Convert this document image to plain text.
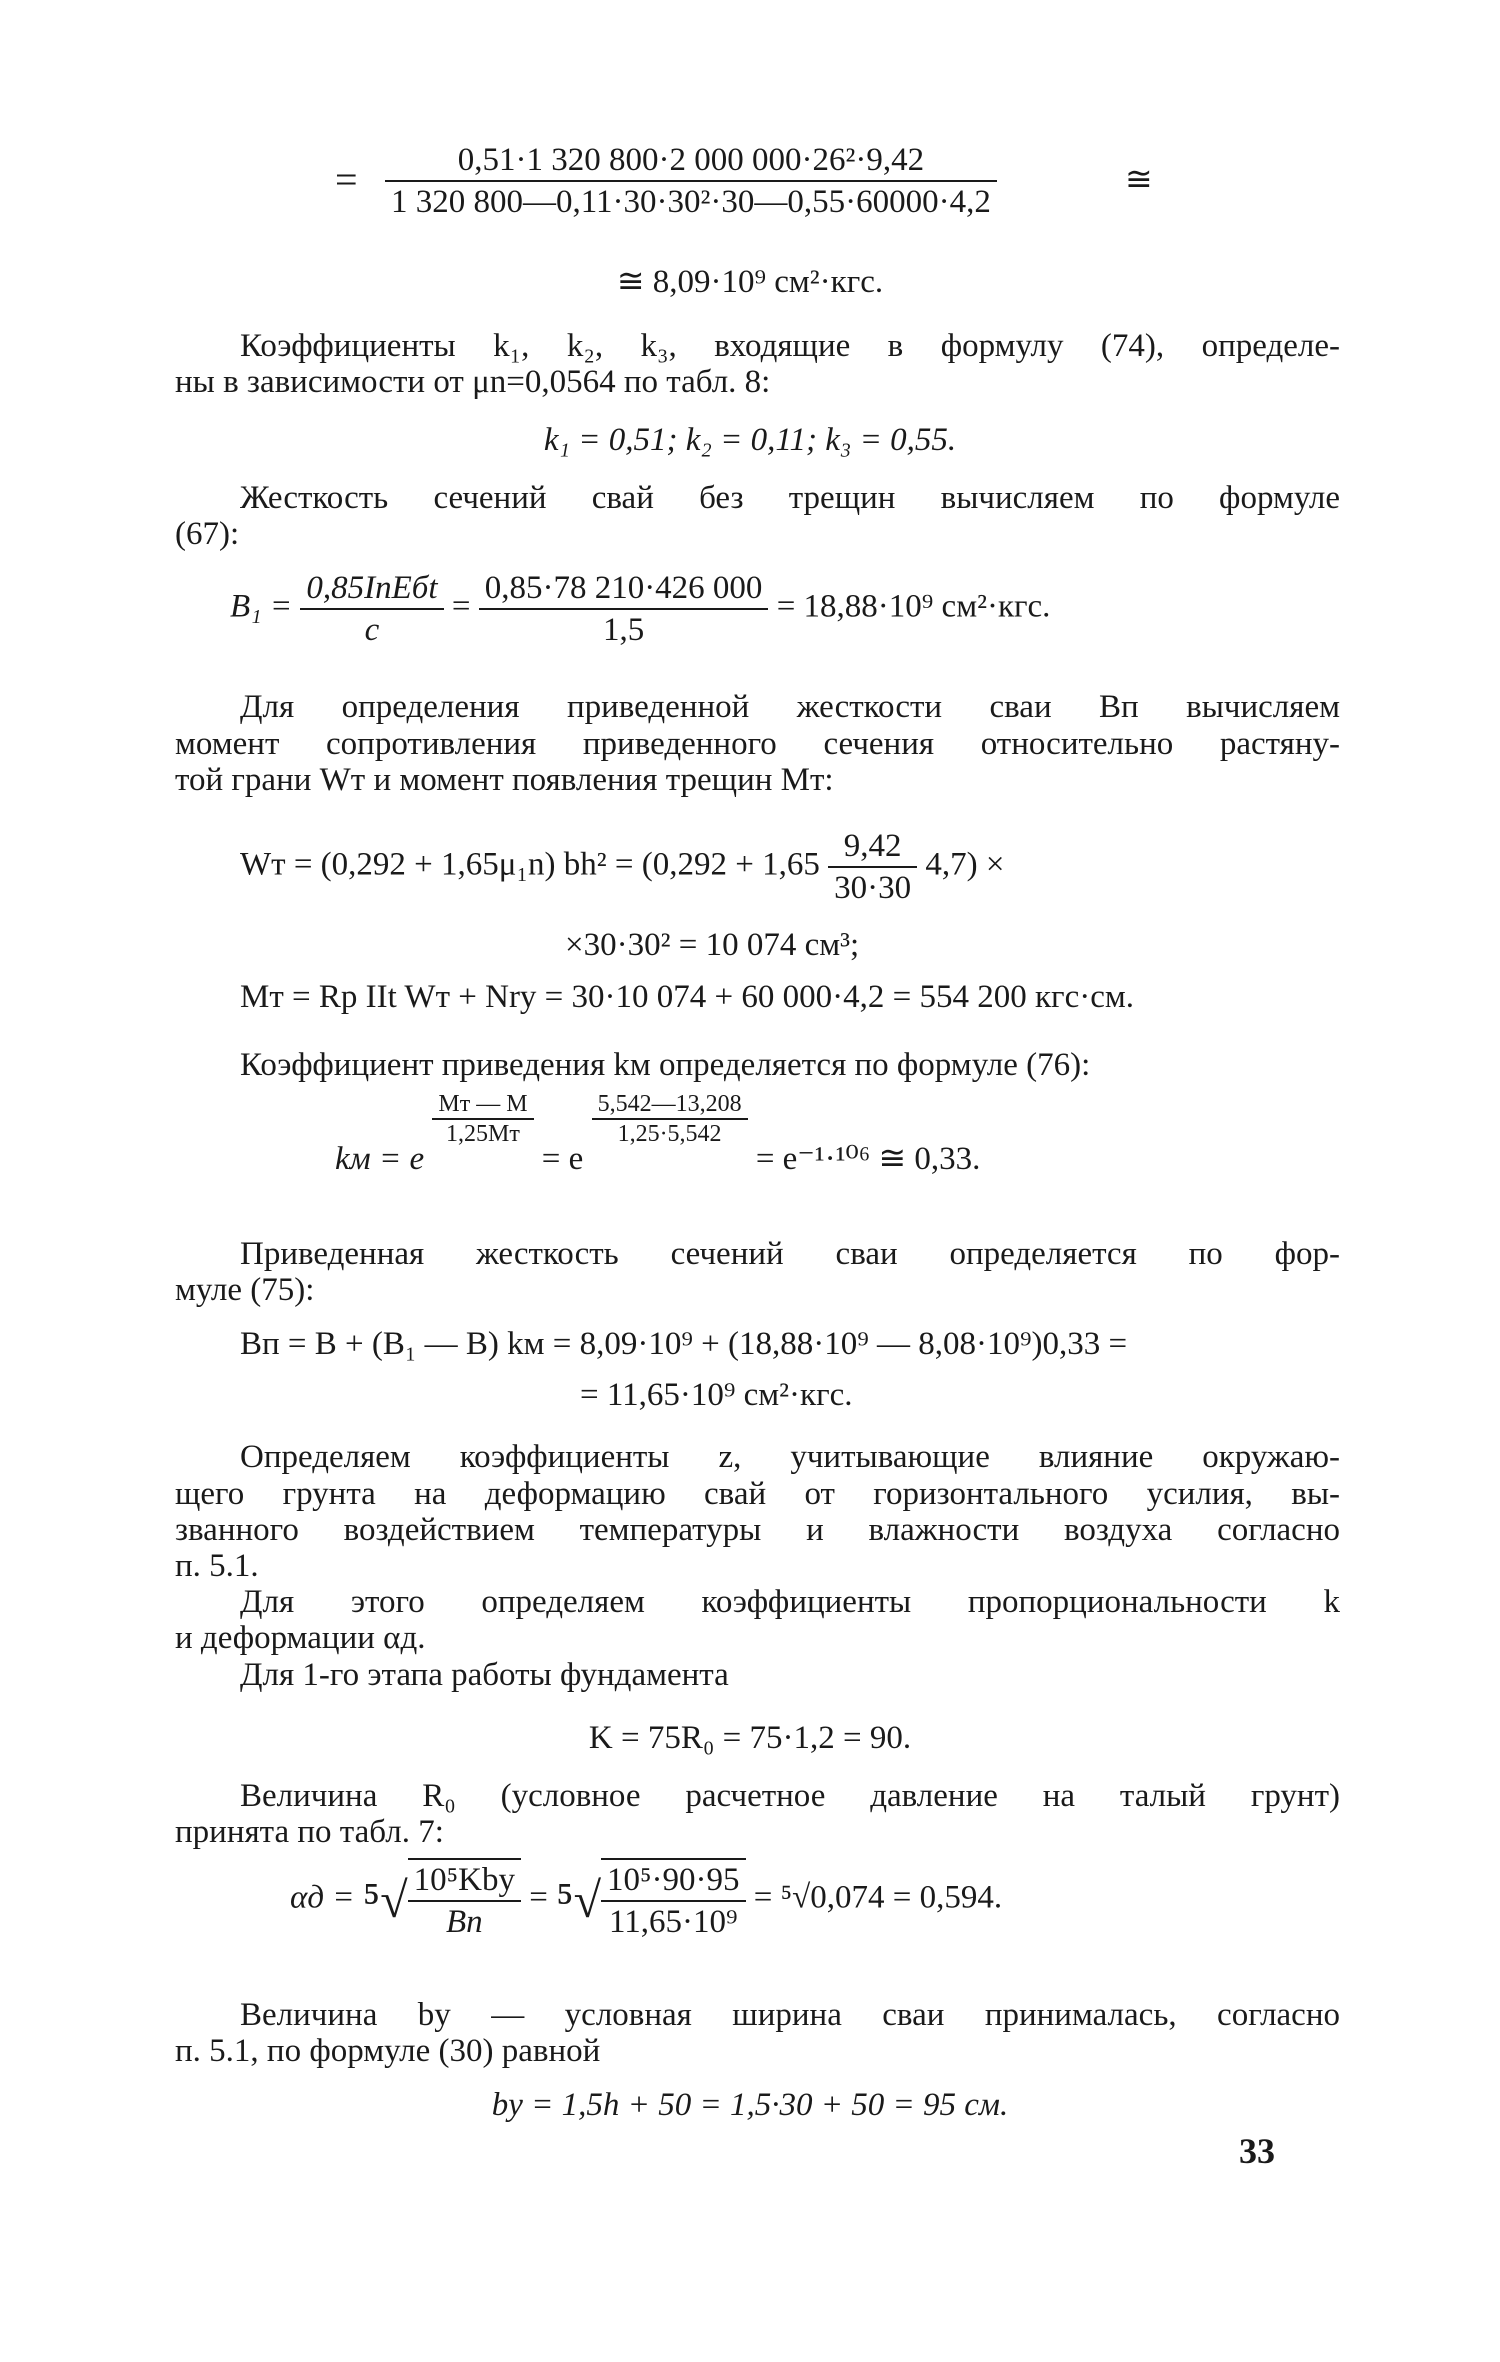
= $\frac{\text{0,51·1 320 800·2 000 000·26²·9,42}}{\text{1 320 800—0,11·30·30²·30—0,55·60000·4,2}}$	≅
≅ 8,09·10⁹ см²·кгс.
Коэффициенты k₁, k₂, k₃, входящие в формулу (74), определе-
ны в зависимости от μn=0,0564 по табл. 8:
k₁ = 0,51; k₂ = 0,11; k₃ = 0,55.
Жесткость сечений свай без трещин вычисляем по формуле
(67):
$B_1 = \frac{\text{0,85IпEбt}}{c} = \frac{0,85\cdot 78 210\cdot 426 000}{1,5} = 18,88\cdot 10^9$ см²·кгс.
Для определения приведенной жесткости сваи Bп вычисляем
момент сопротивления приведенного сечения относительно растяну-
той грани Wт и момент появления трещин Mт:
Wт = (0,292 + 1,65μ₁n) $bh^2 = (0,292 + 1,65 \frac{9,42}{30\cdot 30} 4,7)$ ×
×30·30² = 10 074 см³;
Mт = Rр IIt Wт + Nrу = 30·10 074 + 60 000·4,2 = 554 200 кгс·см.
Коэффициент приведения kм определяется по формуле (76):
kм = e
$\frac{Mт — M}{1,25Mт}$
= e
$\frac{5,542—13,208}{1,25\cdot 5,542}$
= e⁻¹·¹⁰⁶ ≅ 0,33.
Приведенная жесткость сечений сваи определяется по фор-
муле (75):
Bп = B + (B₁ — B) kм = 8,09·10⁹ + (18,88·10⁹ — 8,08·10⁹)0,33 =
= 11,65·10⁹ см²·кгс.
Определяем коэффициенты z, учитывающие влияние окружаю-
щего грунта на деформацию свай от горизонтального усилия, вы-
званного воздействием температуры и влажности воздуха согласно
п. 5.1.
Для этого определяем коэффициенты пропорциональности k
и деформации αд.
Для 1-го этапа работы фундамента
K = 75R₀ = 75·1,2 = 90.
Величина R₀ (условное расчетное давление на талый грунт)
принята по табл. 7:
$\alpha д = ^5√ \frac{\text{10⁵Kbу}}{Bп} = ^5√ \frac{\text{10⁵·90·95}}{\text{11,65·10⁹}} = ^5√0,074 = 0,594$.
Величина bу — условная ширина сваи принималась, согласно
п. 5.1, по формуле (30) равной
bу = 1,5h + 50 = 1,5·30 + 50 = 95 см.
33
